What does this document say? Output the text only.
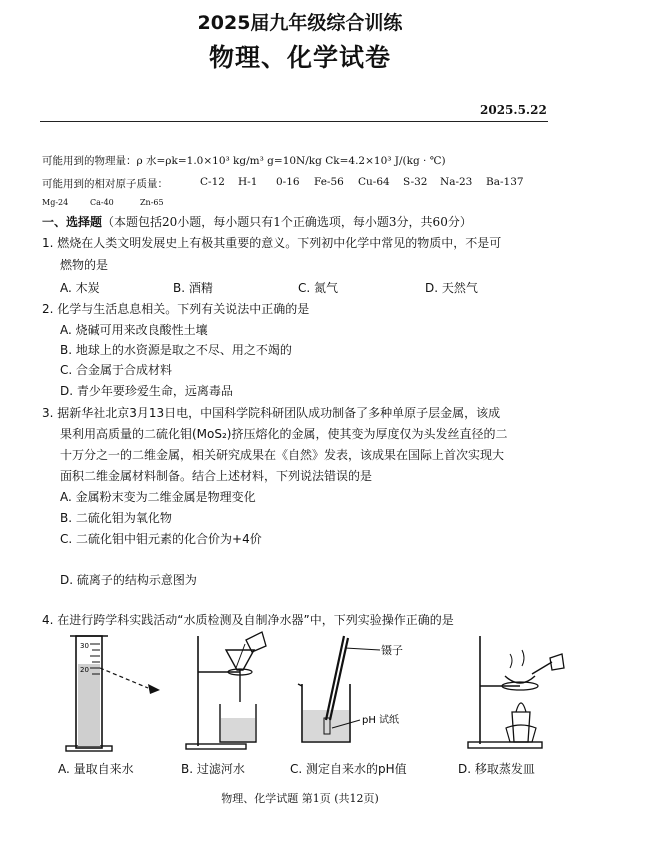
2025届九年级综合训练
物理、化学试卷
2025.5.22
可能用到的物理量：ρ 水=ρk=1.0×10³ kg/m³ g=10N/kg Ck=4.2×10³ J/(kg · ℃)
可能用到的相对原子质量：	C-12 H-1 0-16 Fe-56 Cu-64 S-32 Na-23 Ba-137
Mg-24	Ca-40	Zn-65
一、选择题（本题包括20小题，每小题只有1个正确选项，每小题3分，共60分）
1. 燃烧在人类文明发展史上有极其重要的意义。下列初中化学中常见的物质中，不是可
燃物的是
A. 木炭	B. 酒精	C. 氮气	D. 天然气
2. 化学与生活息息相关。下列有关说法中正确的是
A. 烧碱可用来改良酸性土壤
B. 地球上的水资源是取之不尽、用之不竭的
C. 合金属于合成材料
D. 青少年要珍爱生命，远离毒品
3. 据新华社北京3月13日电，中国科学院科研团队成功制备了多种单原子层金属，该成
果利用高质量的二硫化钼(MoS₂)挤压熔化的金属，使其变为厚度仅为头发丝直径的二
十万分之一的二维金属，相关研究成果在《自然》发表，该成果在国际上首次实现大
面积二维金属材料制备。结合上述材料，下列说法错误的是
A. 金属粉末变为二维金属是物理变化
B. 二硫化钼为氧化物
C. 二硫化钼中钼元素的化合价为+4价
D. 硫离子的结构示意图为
4. 在进行跨学科实践活动“水质检测及自制净水器”中，下列实验操作正确的是
30
20
镊子
pH 试纸
A. 量取自来水	B. 过滤河水	C. 测定自来水的pH值	D. 移取蒸发皿
物理、化学试题 第1页 (共12页)
